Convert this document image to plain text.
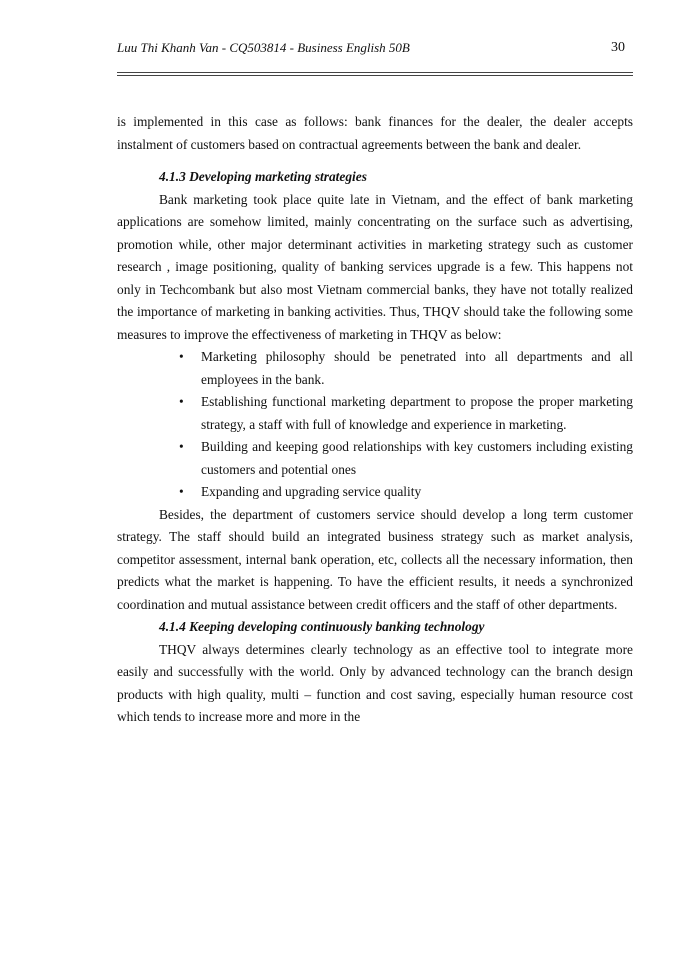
Luu Thi Khanh Van - CQ503814 - Business English 50B	30

is implemented in this case as follows: bank finances for the dealer, the dealer accepts instalment of customers based on contractual agreements between the bank and dealer.

4.1.3 Developing marketing strategies

Bank marketing took place quite late in Vietnam, and the effect of bank marketing applications are somehow limited, mainly concentrating on the surface such as advertising, promotion while, other major determinant activities in marketing strategy such as customer research , image positioning, quality of banking services upgrade is a few. This happens not only in Techcombank but also most Vietnam commercial banks, they have not totally realized the importance of marketing in banking activities. Thus, THQV should take the following some measures to improve the effectiveness of marketing in THQV as below:

• Marketing philosophy should be penetrated into all departments and all employees in the bank.
• Establishing functional marketing department to propose the proper marketing strategy, a staff with full of knowledge and experience in marketing.
• Building and keeping good relationships with key customers including existing customers and potential ones
• Expanding and upgrading service quality

Besides, the department of customers service should develop a long term customer strategy. The staff should build an integrated business strategy such as market analysis, competitor assessment, internal bank operation, etc, collects all the necessary information, then predicts what the market is happening. To have the efficient results, it needs a synchronized coordination and mutual assistance between credit officers and the staff of other departments.

4.1.4 Keeping developing continuously banking technology

THQV always determines clearly technology as an effective tool to integrate more easily and successfully with the world. Only by advanced technology can the branch design products with high quality, multi – function and cost saving, especially human resource cost which tends to increase more and more in the
